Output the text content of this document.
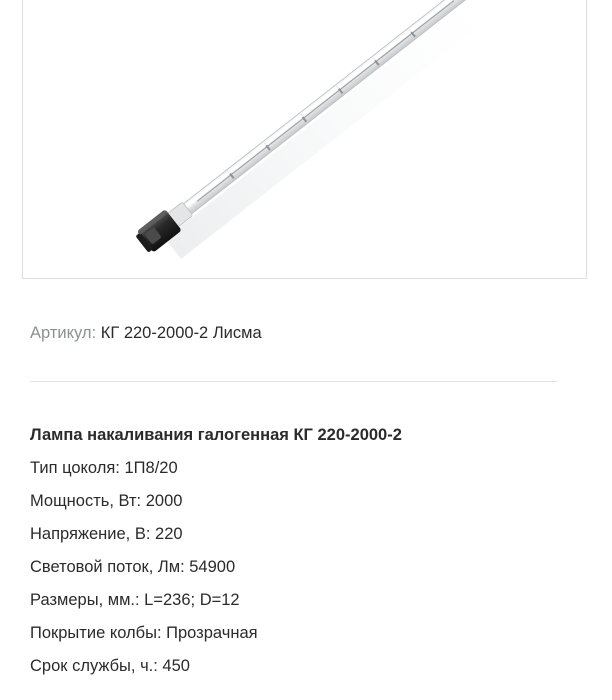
Артикул: КГ 220-2000-2 Лисма
Лампа накаливания галогенная КГ 220-2000-2
Тип цоколя: 1П8/20
Мощность, Вт: 2000
Напряжение, В: 220
Световой поток, Лм: 54900
Размеры, мм.: L=236; D=12
Покрытие колбы: Прозрачная
Срок службы, ч.: 450
